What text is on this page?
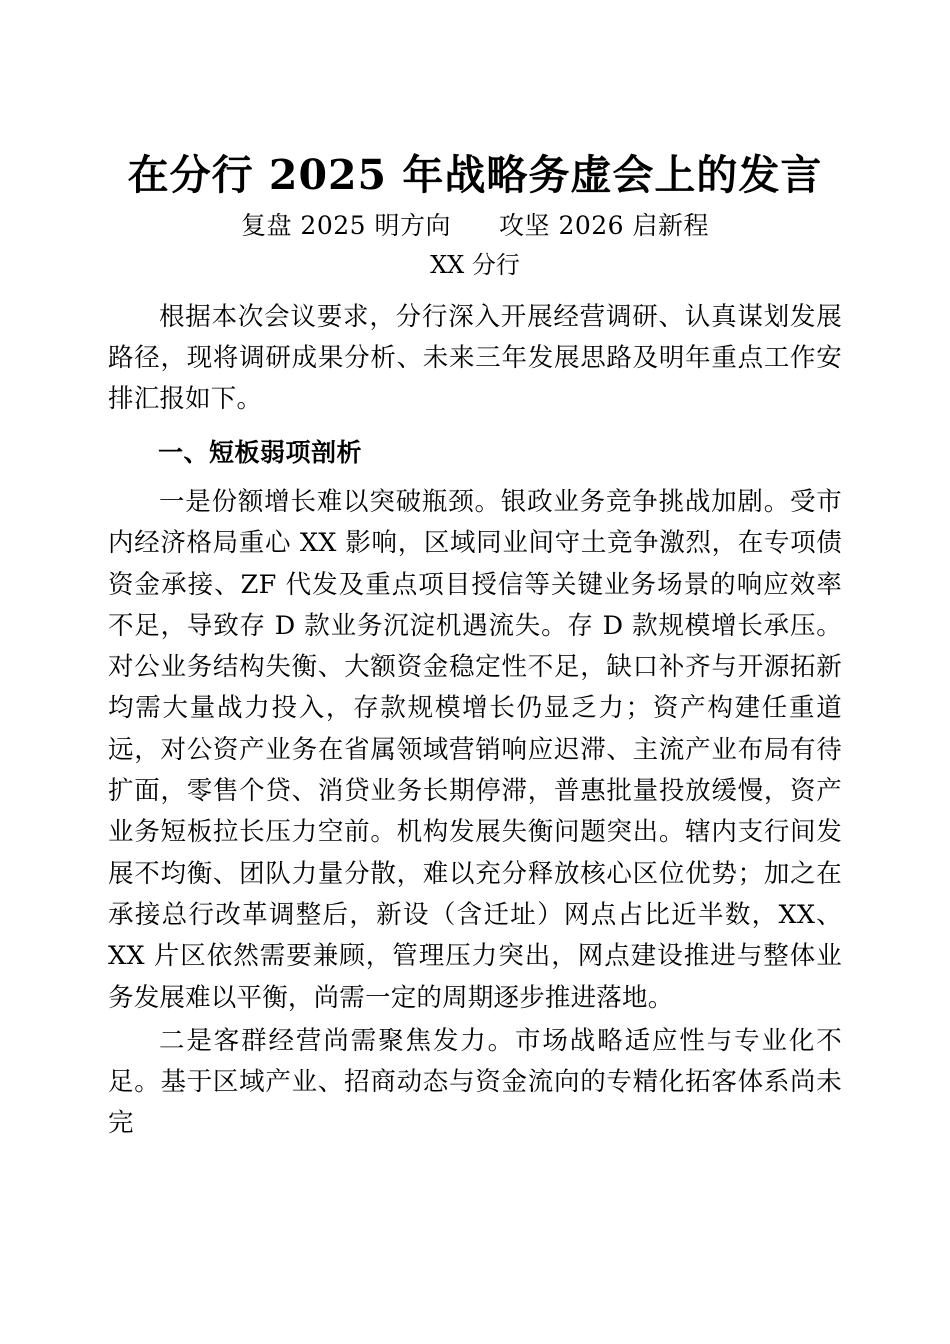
在分行 2025 年战略务虚会上的发言
复盘 2025 明方向 攻坚 2026 启新程
XX 分行

根据本次会议要求，分行深入开展经营调研、认真谋划发展路径，现将调研成果分析、未来三年发展思路及明年重点工作安排汇报如下。

一、短板弱项剖析

一是份额增长难以突破瓶颈。银政业务竞争挑战加剧。受市内经济格局重心 XX 影响，区域同业间守土竞争激烈，在专项债资金承接、ZF 代发及重点项目授信等关键业务场景的响应效率不足，导致存 D 款业务沉淀机遇流失。存 D 款规模增长承压。对公业务结构失衡、大额资金稳定性不足，缺口补齐与开源拓新均需大量战力投入，存款规模增长仍显乏力；资产构建任重道远，对公资产业务在省属领域营销响应迟滞、主流产业布局有待扩面，零售个贷、消贷业务长期停滞，普惠批量投放缓慢，资产业务短板拉长压力空前。机构发展失衡问题突出。辖内支行间发展不均衡、团队力量分散，难以充分释放核心区位优势；加之在承接总行改革调整后，新设（含迁址）网点占比近半数，XX、XX 片区依然需要兼顾，管理压力突出，网点建设推进与整体业务发展难以平衡，尚需一定的周期逐步推进落地。

二是客群经营尚需聚焦发力。市场战略适应性与专业化不足。基于区域产业、招商动态与资金流向的专精化拓客体系尚未完
